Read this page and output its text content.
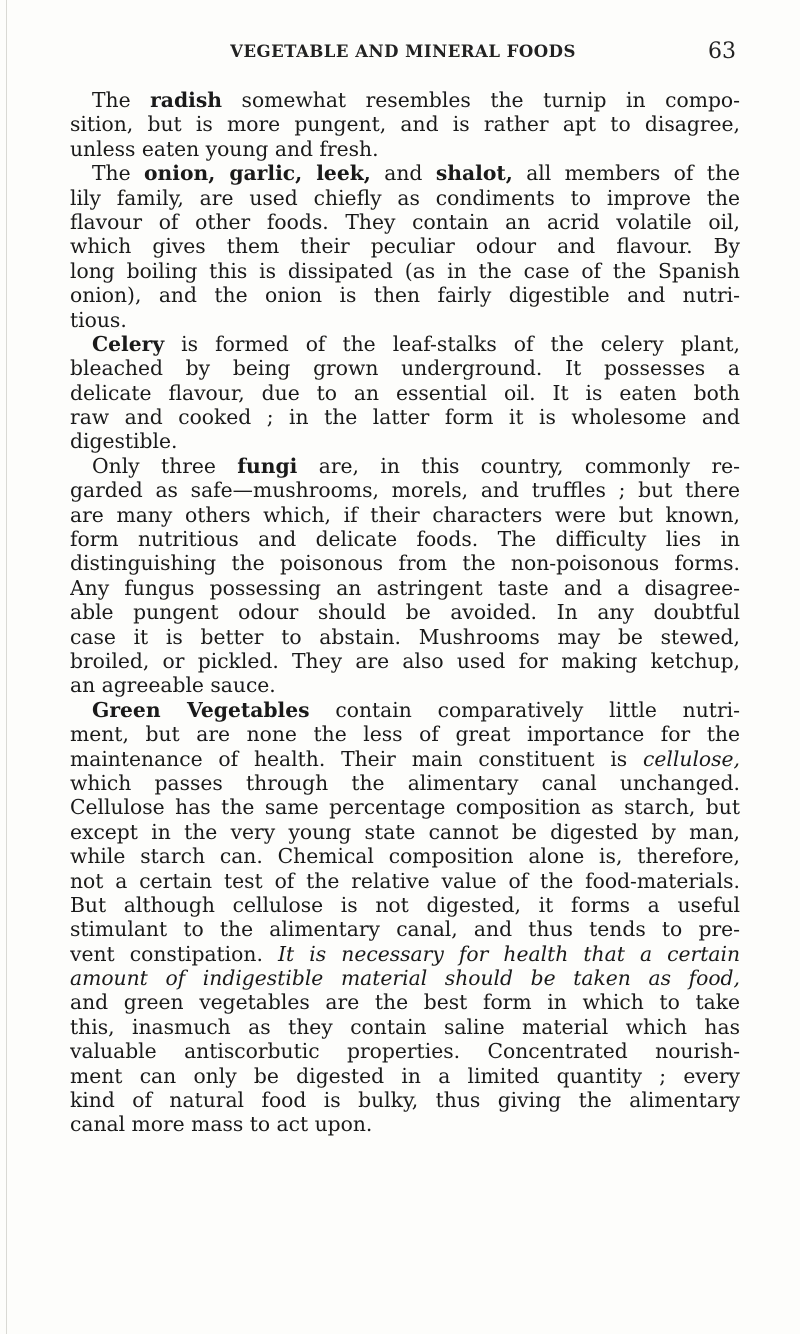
VEGETABLE AND MINERAL FOODS	63
The radish somewhat resembles the turnip in compo-
sition, but is more pungent, and is rather apt to disagree,
unless eaten young and fresh.
The onion, garlic, leek, and shalot, all members of the
lily family, are used chiefly as condiments to improve the
flavour of other foods. They contain an acrid volatile oil,
which gives them their peculiar odour and flavour. By
long boiling this is dissipated (as in the case of the Spanish
onion), and the onion is then fairly digestible and nutri-
tious.
Celery is formed of the leaf-stalks of the celery plant,
bleached by being grown underground. It possesses a
delicate flavour, due to an essential oil. It is eaten both
raw and cooked ; in the latter form it is wholesome and
digestible.
Only three fungi are, in this country, commonly re-
garded as safe—mushrooms, morels, and truffles ; but there
are many others which, if their characters were but known,
form nutritious and delicate foods. The difficulty lies in
distinguishing the poisonous from the non-poisonous forms.
Any fungus possessing an astringent taste and a disagree-
able pungent odour should be avoided. In any doubtful
case it is better to abstain. Mushrooms may be stewed,
broiled, or pickled. They are also used for making ketchup,
an agreeable sauce.
Green Vegetables contain comparatively little nutri-
ment, but are none the less of great importance for the
maintenance of health. Their main constituent is cellulose,
which passes through the alimentary canal unchanged.
Cellulose has the same percentage composition as starch, but
except in the very young state cannot be digested by man,
while starch can. Chemical composition alone is, therefore,
not a certain test of the relative value of the food-materials.
But although cellulose is not digested, it forms a useful
stimulant to the alimentary canal, and thus tends to pre-
vent constipation. It is necessary for health that a certain
amount of indigestible material should be taken as food,
and green vegetables are the best form in which to take
this, inasmuch as they contain saline material which has
valuable antiscorbutic properties. Concentrated nourish-
ment can only be digested in a limited quantity ; every
kind of natural food is bulky, thus giving the alimentary
canal more mass to act upon.
